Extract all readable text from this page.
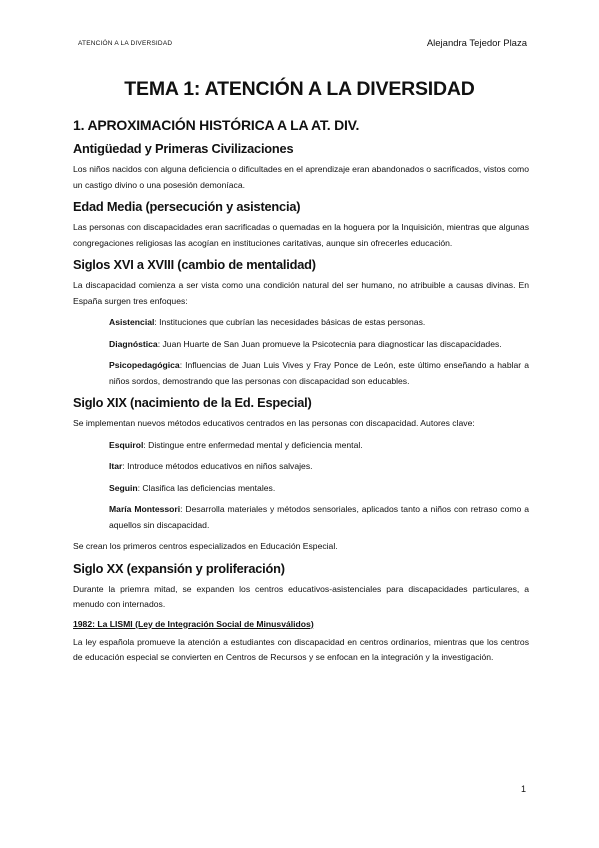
ATENCIÓN A LA DIVERSIDAD	Alejandra Tejedor Plaza
TEMA 1: ATENCIÓN A LA DIVERSIDAD
1. APROXIMACIÓN HISTÓRICA A LA AT. DIV.
Antigüedad y Primeras Civilizaciones

Los niños nacidos con alguna deficiencia o dificultades en el aprendizaje eran abandonados o sacrificados, vistos como un castigo divino o una posesión demoníaca.

Edad Media (persecución y asistencia)

Las personas con discapacidades eran sacrificadas o quemadas en la hoguera por la Inquisición, mientras que algunas congregaciones religiosas las acogían en instituciones caritativas, aunque sin ofrecerles educación.

Siglos XVI a XVIII (cambio de mentalidad)

La discapacidad comienza a ser vista como una condición natural del ser humano, no atribuible a causas divinas. En España surgen tres enfoques:

Asistencial: Instituciones que cubrían las necesidades básicas de estas personas.

Diagnóstica: Juan Huarte de San Juan promueve la Psicotecnia para diagnosticar las discapacidades.

Psicopedagógica: Influencias de Juan Luis Vives y Fray Ponce de León, este último enseñando a hablar a niños sordos, demostrando que las personas con discapacidad son educables.

Siglo XIX (nacimiento de la Ed. Especial)

Se implementan nuevos métodos educativos centrados en las personas con discapacidad. Autores clave:

Esquirol: Distingue entre enfermedad mental y deficiencia mental.

Itar: Introduce métodos educativos en niños salvajes.

Seguin: Clasifica las deficiencias mentales.

María Montessori: Desarrolla materiales y métodos sensoriales, aplicados tanto a niños con retraso como a aquellos sin discapacidad.

Se crean los primeros centros especializados en Educación Especial.

Siglo XX (expansión y proliferación)

Durante la priemra mitad, se expanden los centros educativos-asistenciales para discapacidades particulares, a menudo con internados.

1982: La LISMI (Ley de Integración Social de Minusválidos)

La ley española promueve la atención a estudiantes con discapacidad en centros ordinarios, mientras que los centros de educación especial se convierten en Centros de Recursos y se enfocan en la integración y la investigación.

1
